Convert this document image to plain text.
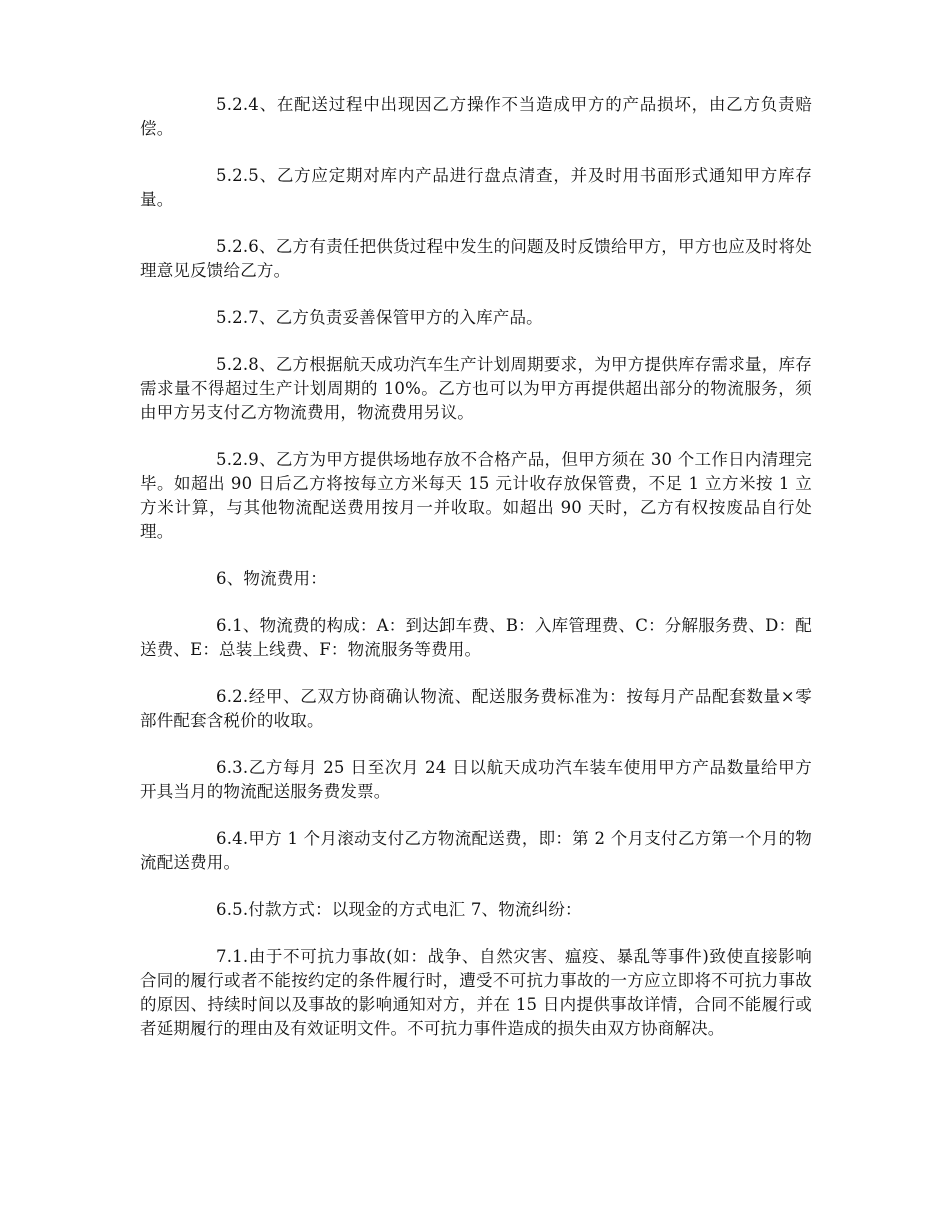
5.2.4、在配送过程中出现因乙方操作不当造成甲方的产品损坏，由乙方负责赔偿。

5.2.5、乙方应定期对库内产品进行盘点清查，并及时用书面形式通知甲方库存量。

5.2.6、乙方有责任把供货过程中发生的问题及时反馈给甲方，甲方也应及时将处理意见反馈给乙方。

5.2.7、乙方负责妥善保管甲方的入库产品。

5.2.8、乙方根据航天成功汽车生产计划周期要求，为甲方提供库存需求量，库存需求量不得超过生产计划周期的 10%。乙方也可以为甲方再提供超出部分的物流服务，须由甲方另支付乙方物流费用，物流费用另议。

5.2.9、乙方为甲方提供场地存放不合格产品，但甲方须在 30 个工作日内清理完毕。如超出 90 日后乙方将按每立方米每天 15 元计收存放保管费，不足 1 立方米按 1 立方米计算，与其他物流配送费用按月一并收取。如超出 90 天时，乙方有权按废品自行处理。

6、物流费用：

6.1、物流费的构成：A：到达卸车费、B：入库管理费、C：分解服务费、D：配送费、E：总装上线费、F：物流服务等费用。

6.2.经甲、乙双方协商确认物流、配送服务费标准为：按每月产品配套数量×零部件配套含税价的收取。

6.3.乙方每月 25 日至次月 24 日以航天成功汽车装车使用甲方产品数量给甲方开具当月的物流配送服务费发票。

6.4.甲方 1 个月滚动支付乙方物流配送费，即：第 2 个月支付乙方第一个月的物流配送费用。

6.5.付款方式：以现金的方式电汇 7、物流纠纷：

7.1.由于不可抗力事故(如：战争、自然灾害、瘟疫、暴乱等事件)致使直接影响合同的履行或者不能按约定的条件履行时，遭受不可抗力事故的一方应立即将不可抗力事故的原因、持续时间以及事故的影响通知对方，并在 15 日内提供事故详情，合同不能履行或者延期履行的理由及有效证明文件。不可抗力事件造成的损失由双方协商解决。
